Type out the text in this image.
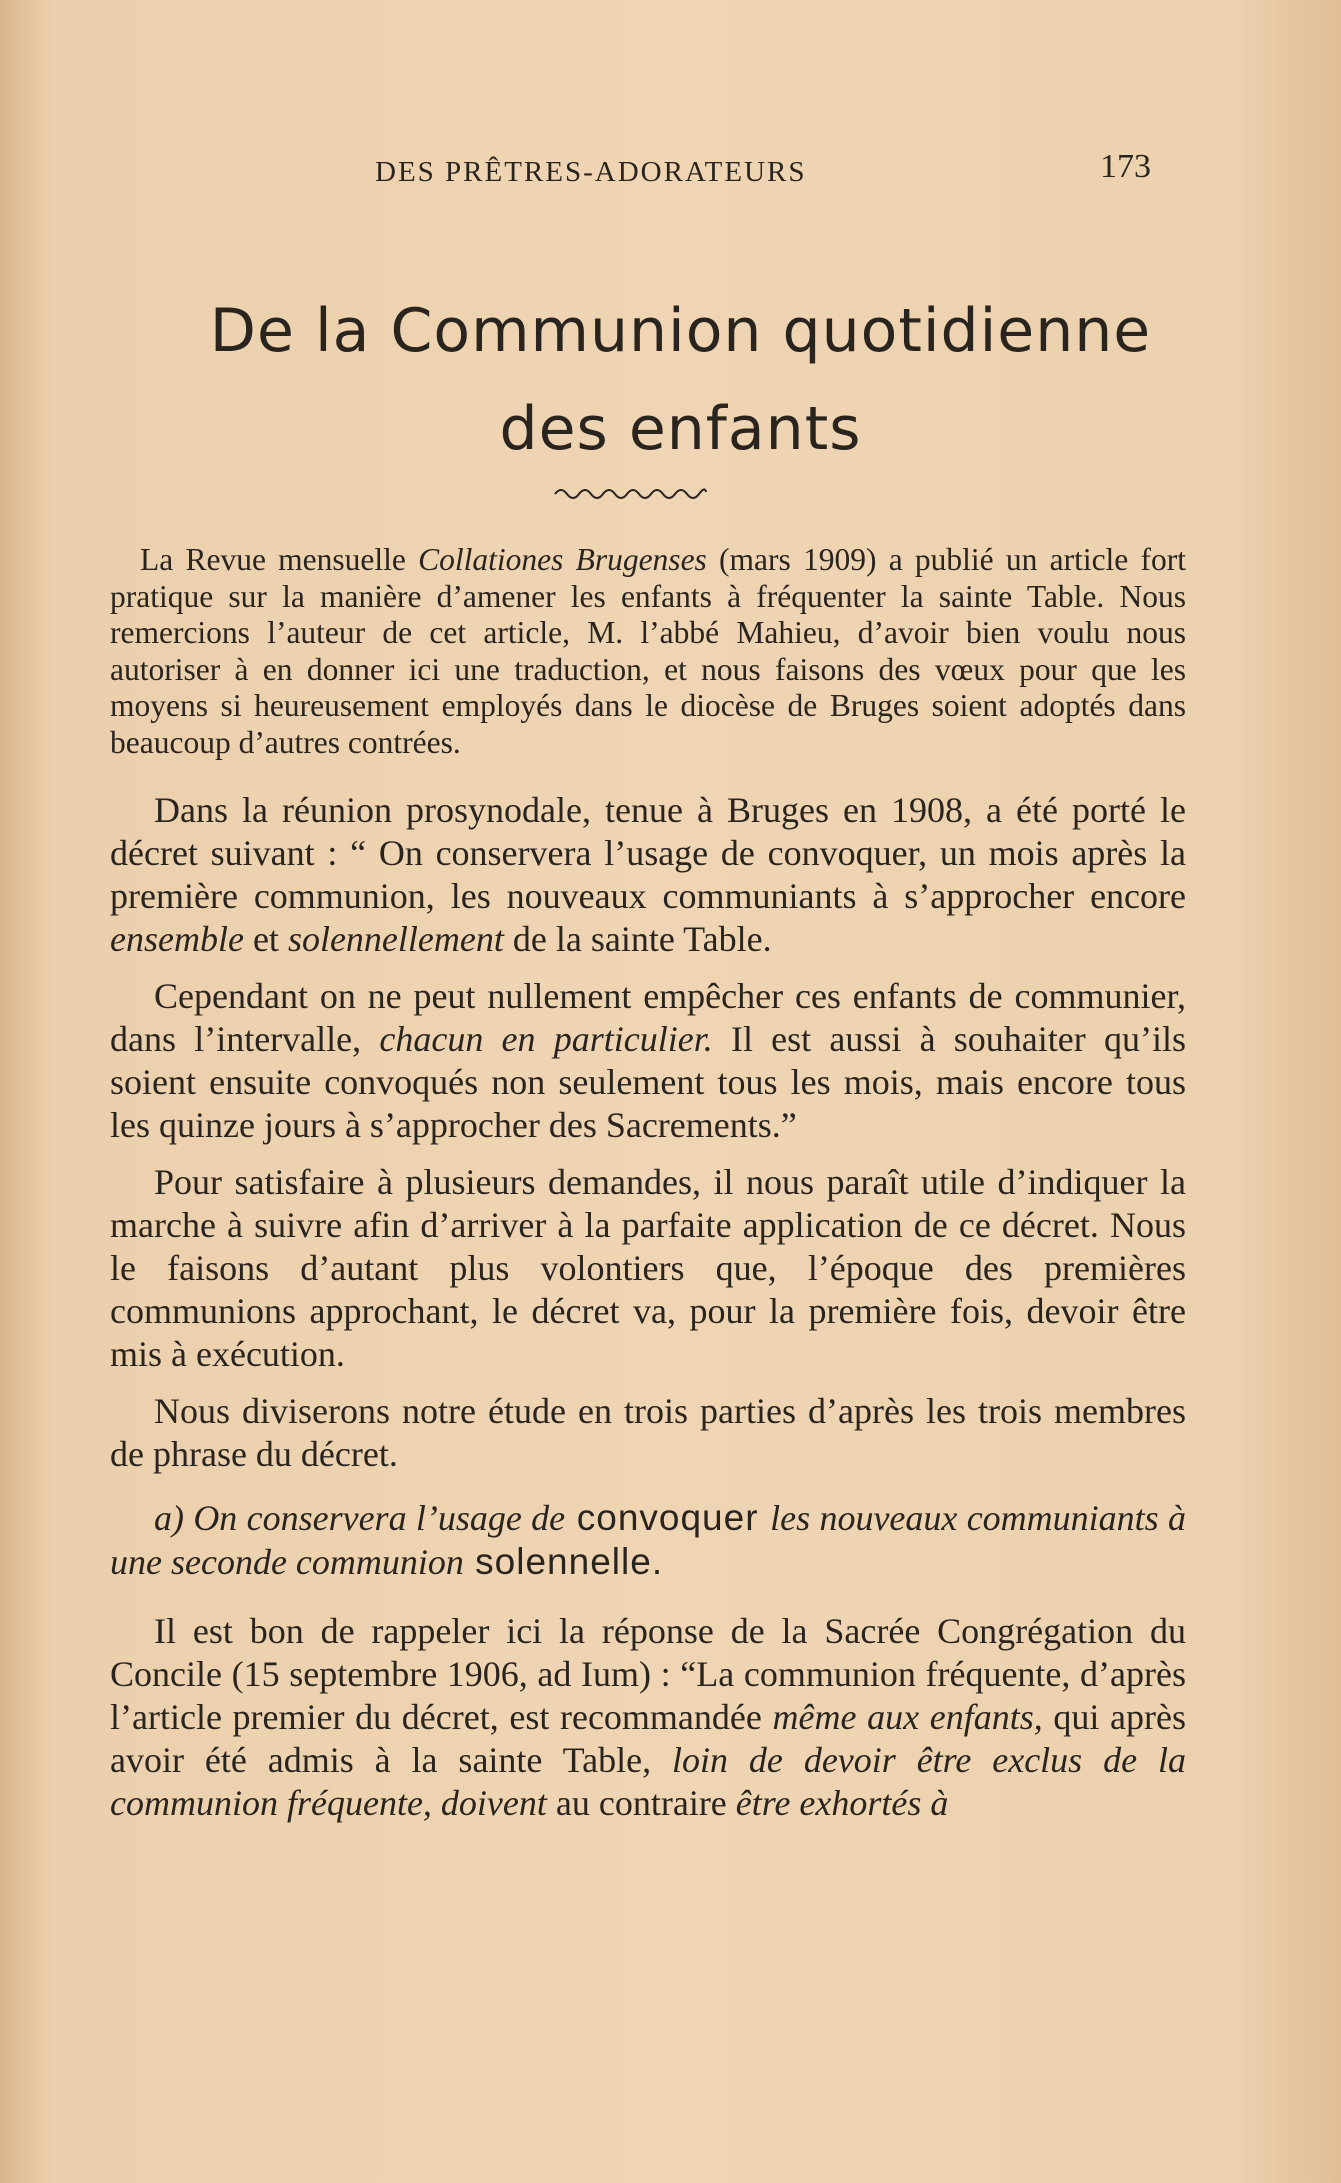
DES PRÊTRES-ADORATEURS	173
De la Communion quotidienne
des enfants

La Revue mensuelle Collationes Brugenses (mars 1909) a publié un article fort pratique sur la manière d’amener les enfants à fréquenter la sainte Table. Nous remercions l’auteur de cet article, M. l’abbé Mahieu, d’avoir bien voulu nous autoriser à en donner ici une traduction, et nous faisons des vœux pour que les moyens si heureusement employés dans le diocèse de Bruges soient adoptés dans beaucoup d’autres contrées.

Dans la réunion prosynodale, tenue à Bruges en 1908, a été porté le décret suivant : “ On conservera l’usage de convoquer, un mois après la première communion, les nouveaux communiants à s’approcher encore ensemble et solennellement de la sainte Table.

Cependant on ne peut nullement empêcher ces enfants de communier, dans l’intervalle, chacun en particulier. Il est aussi à souhaiter qu’ils soient ensuite convoqués non seulement tous les mois, mais encore tous les quinze jours à s’approcher des Sacrements.”

Pour satisfaire à plusieurs demandes, il nous paraît utile d’indiquer la marche à suivre afin d’arriver à la parfaite application de ce décret. Nous le faisons d’autant plus volontiers que, l’époque des premières communions approchant, le décret va, pour la première fois, devoir être mis à exécution.

Nous diviserons notre étude en trois parties d’après les trois membres de phrase du décret.

a) On conservera l’usage de convoquer les nouveaux communiants à une seconde communion solennelle.

Il est bon de rappeler ici la réponse de la Sacrée Congrégation du Concile (15 septembre 1906, ad Ium) : “La communion fréquente, d’après l’article premier du décret, est recommandée même aux enfants, qui après avoir été admis à la sainte Table, loin de devoir être exclus de la communion fréquente, doivent au contraire être exhortés à
